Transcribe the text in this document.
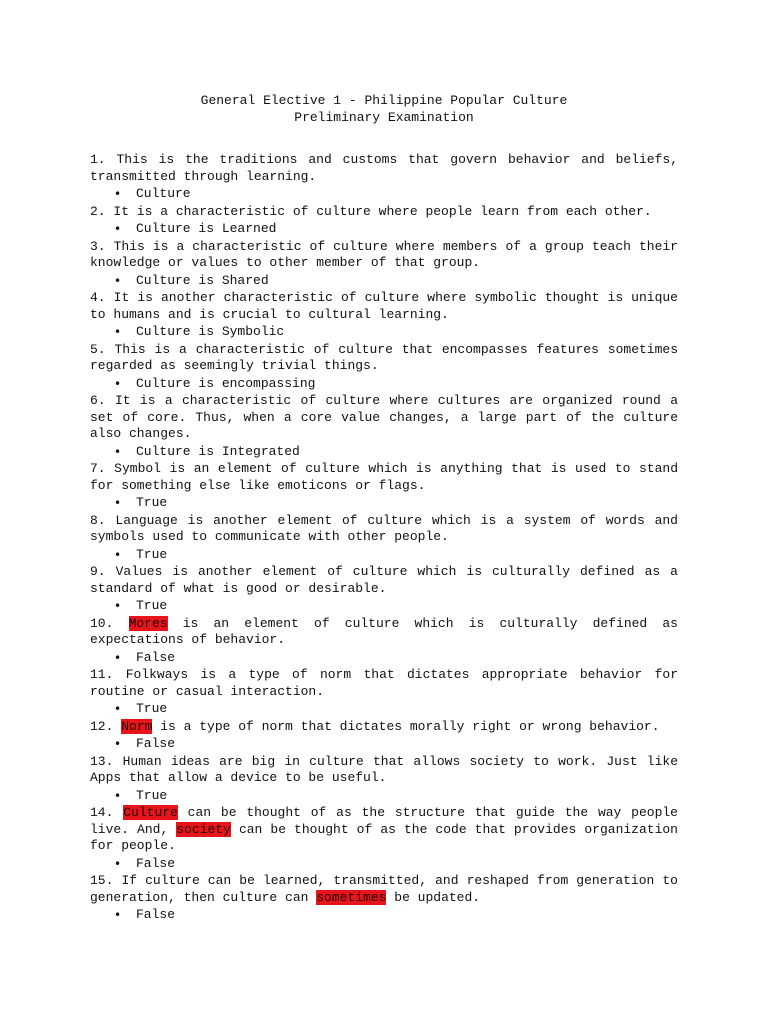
General Elective 1 - Philippine Popular Culture
Preliminary Examination
1. This is the traditions and customs that govern behavior and beliefs, transmitted through learning.
• Culture
2. It is a characteristic of culture where people learn from each other.
• Culture is Learned
3. This is a characteristic of culture where members of a group teach their knowledge or values to other member of that group.
• Culture is Shared
4. It is another characteristic of culture where symbolic thought is unique to humans and is crucial to cultural learning.
• Culture is Symbolic
5. This is a characteristic of culture that encompasses features sometimes regarded as seemingly trivial things.
• Culture is encompassing
6. It is a characteristic of culture where cultures are organized round a set of core. Thus, when a core value changes, a large part of the culture also changes.
• Culture is Integrated
7. Symbol is an element of culture which is anything that is used to stand for something else like emoticons or flags.
• True
8. Language is another element of culture which is a system of words and symbols used to communicate with other people.
• True
9. Values is another element of culture which is culturally defined as a standard of what is good or desirable.
• True
10. Mores is an element of culture which is culturally defined as expectations of behavior.
• False
11. Folkways is a type of norm that dictates appropriate behavior for routine or casual interaction.
• True
12. Norm is a type of norm that dictates morally right or wrong behavior.
• False
13. Human ideas are big in culture that allows society to work. Just like Apps that allow a device to be useful.
• True
14. Culture can be thought of as the structure that guide the way people live. And, society can be thought of as the code that provides organization for people.
• False
15. If culture can be learned, transmitted, and reshaped from generation to generation, then culture can sometimes be updated.
• False
